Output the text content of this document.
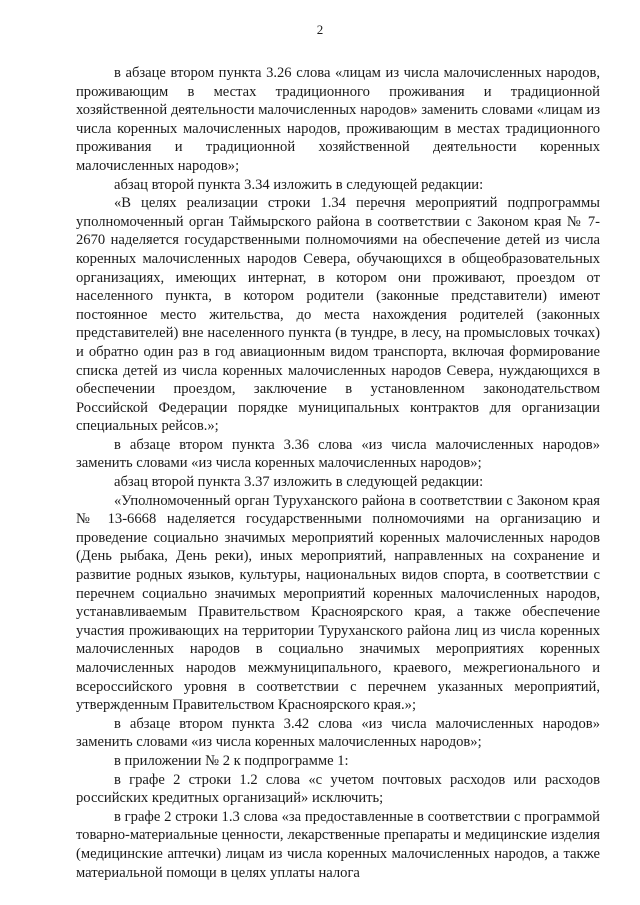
2

в абзаце втором пункта 3.26 слова «лицам из числа малочисленных народов, проживающим в местах традиционного проживания и традиционной хозяйственной деятельности малочисленных народов» заменить словами «лицам из числа коренных малочисленных народов, проживающим в местах традиционного проживания и традиционной хозяйственной деятельности коренных малочисленных народов»;

абзац второй пункта 3.34 изложить в следующей редакции:

«В целях реализации строки 1.34 перечня мероприятий подпрограммы уполномоченный орган Таймырского района в соответствии с Законом края № 7-2670 наделяется государственными полномочиями на обеспечение детей из числа коренных малочисленных народов Севера, обучающихся в общеобразовательных организациях, имеющих интернат, в котором они проживают, проездом от населенного пункта, в котором родители (законные представители) имеют постоянное место жительства, до места нахождения родителей (законных представителей) вне населенного пункта (в тундре, в лесу, на промысловых точках) и обратно один раз в год авиационным видом транспорта, включая формирование списка детей из числа коренных малочисленных народов Севера, нуждающихся в обеспечении проездом, заключение в установленном законодательством Российской Федерации порядке муниципальных контрактов для организации специальных рейсов.»;

в абзаце втором пункта 3.36 слова «из числа малочисленных народов» заменить словами «из числа коренных малочисленных народов»;

абзац второй пункта 3.37 изложить в следующей редакции:

«Уполномоченный орган Туруханского района в соответствии с Законом края № 13-6668 наделяется государственными полномочиями на организацию и проведение социально значимых мероприятий коренных малочисленных народов (День рыбака, День реки), иных мероприятий, направленных на сохранение и развитие родных языков, культуры, национальных видов спорта, в соответствии с перечнем социально значимых мероприятий коренных малочисленных народов, устанавливаемым Правительством Красноярского края, а также обеспечение участия проживающих на территории Туруханского района лиц из числа коренных малочисленных народов в социально значимых мероприятиях коренных малочисленных народов межмуниципального, краевого, межрегионального и всероссийского уровня в соответствии с перечнем указанных мероприятий, утвержденным Правительством Красноярского края.»;

в абзаце втором пункта 3.42 слова «из числа малочисленных народов» заменить словами «из числа коренных малочисленных народов»;

в приложении № 2 к подпрограмме 1:

в графе 2 строки 1.2 слова «с учетом почтовых расходов или расходов российских кредитных организаций» исключить;

в графе 2 строки 1.3 слова «за предоставленные в соответствии с программой товарно-материальные ценности, лекарственные препараты и медицинские изделия (медицинские аптечки) лицам из числа коренных малочисленных народов, а также материальной помощи в целях уплаты налога
